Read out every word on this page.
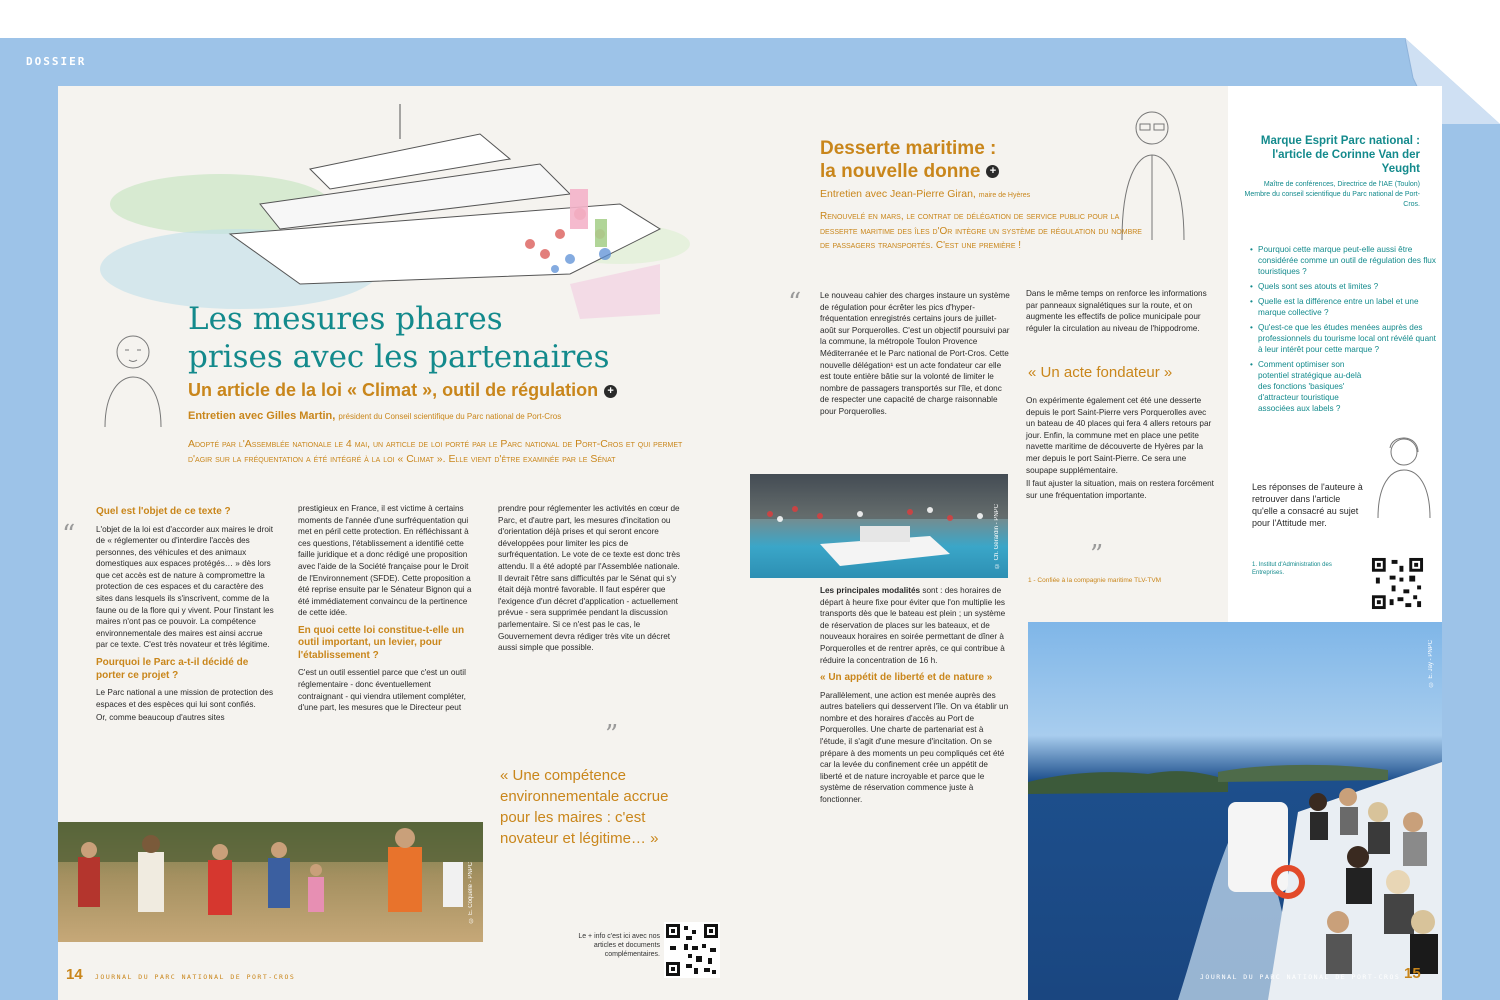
DOSSIER
Les mesures phares
prises avec les partenaires
Un article de la loi « Climat », outil de régulation +
Entretien avec Gilles Martin, président du Conseil scientifique du Parc national de Port-Cros
Adopté par l'Assemblée nationale le 4 mai, un article de loi porté par le Parc national de Port-Cros et qui permet d'agir sur la fréquentation a été intégré à la loi « Climat ». Elle vient d'être examinée par le Sénat
“
Quel est l'objet de ce texte ?

L'objet de la loi est d'accorder aux maires le droit de « réglementer ou d'interdire l'accès des personnes, des véhicules et des animaux domestiques aux espaces protégés… » dès lors que cet accès est de nature à compromettre la protection de ces espaces et du caractère des sites dans lesquels ils s'inscrivent, comme de la faune ou de la flore qui y vivent. Pour l'instant les maires n'ont pas ce pouvoir. La compétence environnementale des maires est ainsi accrue par ce texte. C'est très novateur et très légitime.

Pourquoi le Parc a-t-il décidé de porter ce projet ?

Le Parc national a une mission de protection des espaces et des espèces qui lui sont confiés.

Or, comme beaucoup d'autres sites

prestigieux en France, il est victime à certains moments de l'année d'une surfréquentation qui met en péril cette protection. En réfléchissant à ces questions, l'établissement a identifié cette faille juridique et a donc rédigé une proposition avec l'aide de la Société française pour le Droit de l'Environnement (SFDE). Cette proposition a été reprise ensuite par le Sénateur Bignon qui a été immédiatement convaincu de la pertinence de cette idée.

En quoi cette loi constitue-t-elle un outil important, un levier, pour l'établissement ?

C'est un outil essentiel parce que c'est un outil réglementaire - donc éventuellement contraignant - qui viendra utilement compléter, d'une part, les mesures que le Directeur peut

prendre pour réglementer les activités en cœur de Parc, et d'autre part, les mesures d'incitation ou d'orientation déjà prises et qui seront encore développées pour limiter les pics de surfréquentation. Le vote de ce texte est donc très attendu. Il a été adopté par l'Assemblée nationale. Il devrait l'être sans difficultés par le Sénat qui s'y était déjà montré favorable. Il faut espérer que l'exigence d'un décret d'application - actuellement prévue - sera supprimée pendant la discussion parlementaire. Si ce n'est pas le cas, le Gouvernement devra rédiger très vite un décret aussi simple que possible.

”
« Une compétence environnementale accrue pour les maires : c'est novateur et légitime… »
© E. Coquelle - PNPC
Le + info c'est ici avec nos articles et documents complémentaires.
14 JOURNAL DU PARC NATIONAL DE PORT-CROS
Desserte maritime :
la nouvelle donne +
Entretien avec Jean-Pierre Giran, maire de Hyères
Renouvelé en mars, le contrat de délégation de service public pour la desserte maritime des îles d'Or intègre un système de régulation du nombre de passagers transportés. C'est une première !
“ Le nouveau cahier des charges instaure un système de régulation pour écrêter les pics d'hyper-fréquentation enregistrés certains jours de juillet-août sur Porquerolles. C'est un objectif poursuivi par la commune, la métropole Toulon Provence Méditerranée et le Parc national de Port-Cros. Cette nouvelle délégation¹ est un acte fondateur car elle est toute entière bâtie sur la volonté de limiter le nombre de passagers transportés sur l'île, et donc de respecter une capacité de charge raisonnable pour Porquerolles.

© Ch. Gérardin - PNPC

Les principales modalités sont : des horaires de départ à heure fixe pour éviter que l'on multiplie les transports dès que le bateau est plein ; un système de réservation de places sur les bateaux, et de nouveaux horaires en soirée permettant de dîner à Porquerolles et de rentrer après, ce qui contribue à réduire la concentration de 16 h.

« Un appétit de liberté et de nature »

Parallèlement, une action est menée auprès des autres bateliers qui desservent l'île. On va établir un nombre et des horaires d'accès au Port de Porquerolles. Une charte de partenariat est à l'étude, il s'agit d'une mesure d'incitation. On se prépare à des moments un peu compliqués cet été car la levée du confinement crée un appétit de liberté et de nature incroyable et parce que le système de réservation commence juste à fonctionner.

Dans le même temps on renforce les informations par panneaux signalétiques sur la route, et on augmente les effectifs de police municipale pour réguler la circulation au niveau de l'hippodrome.

« Un acte fondateur »

On expérimente également cet été une desserte depuis le port Saint-Pierre vers Porquerolles avec un bateau de 40 places qui fera 4 allers retours par jour. Enfin, la commune met en place une petite navette maritime de découverte de Hyères par la mer depuis le port Saint-Pierre. Ce sera une soupape supplémentaire.

Il faut ajuster la situation, mais on restera forcément sur une fréquentation importante.

”
1 - Confiée à la compagnie maritime TLV-TVM
Marque Esprit Parc national : l'article de Corinne Van der Yeught
Maître de conférences, Directrice de l'IAE (Toulon) Membre du conseil scientifique du Parc national de Port-Cros.
• Pourquoi cette marque peut-elle aussi être considérée comme un outil de régulation des flux touristiques ?
• Quels sont ses atouts et limites ?
• Quelle est la différence entre un label et une marque collective ?
• Qu'est-ce que les études menées auprès des professionnels du tourisme local ont révélé quant à leur intérêt pour cette marque ?
• Comment optimiser son potentiel stratégique au-delà des fonctions 'basiques' d'attracteur touristique associées aux labels ?
Les réponses de l'auteure à retrouver dans l'article qu'elle a consacré au sujet pour l'Attitude mer.
1. Institut d'Administration des Entreprises.
© E. Jay - PNPC
JOURNAL DU PARC NATIONAL DE PORT-CROS 15
